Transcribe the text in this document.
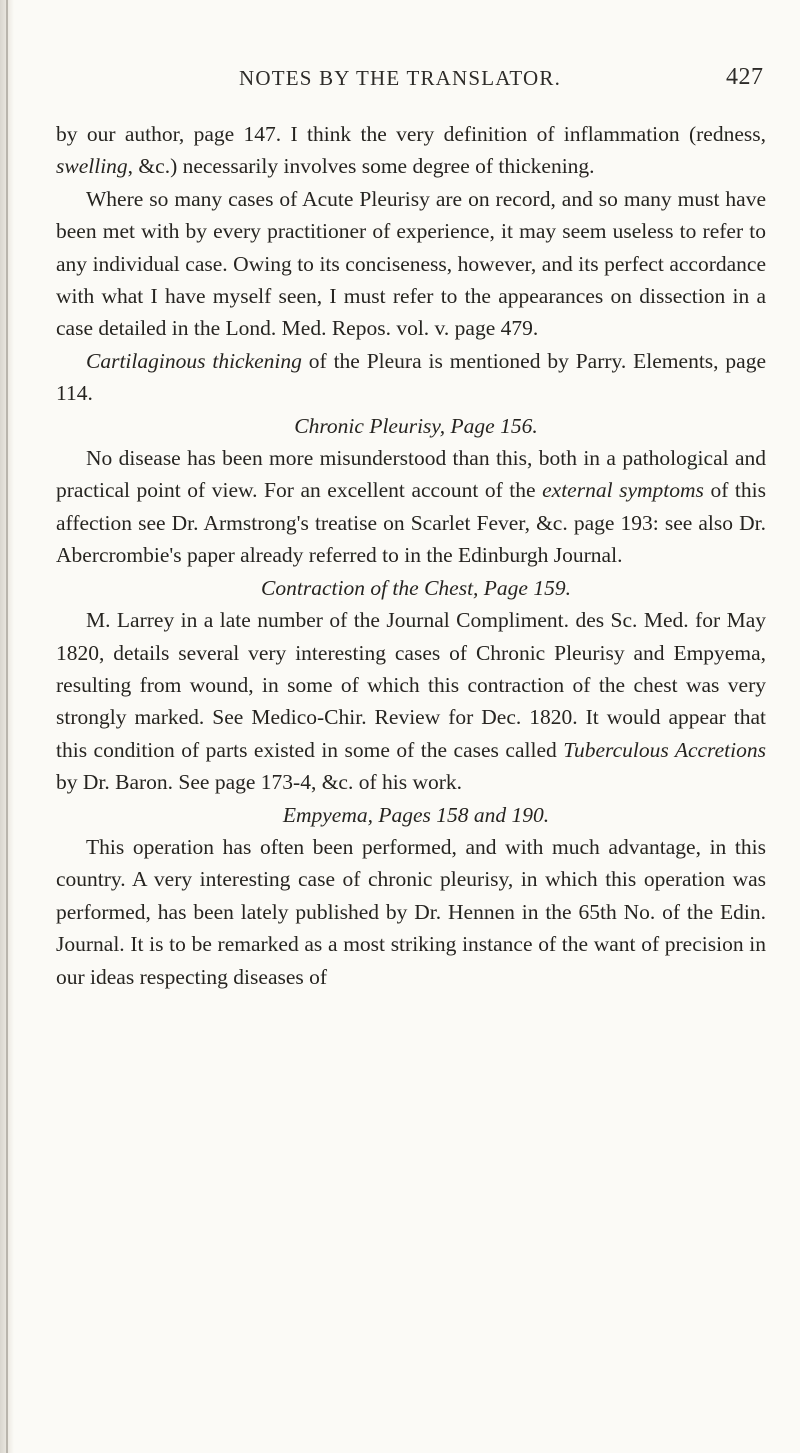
NOTES BY THE TRANSLATOR.	427

by our author, page 147. I think the very definition of inflammation (redness, swelling, &c.) necessarily involves some degree of thickening.

Where so many cases of Acute Pleurisy are on record, and so many must have been met with by every practitioner of experience, it may seem useless to refer to any individual case. Owing to its conciseness, however, and its perfect accordance with what I have myself seen, I must refer to the appearances on dissection in a case detailed in the Lond. Med. Repos. vol. v. page 479.

Cartilaginous thickening of the Pleura is mentioned by Parry. Elements, page 114.

Chronic Pleurisy, Page 156.

No disease has been more misunderstood than this, both in a pathological and practical point of view. For an excellent account of the external symptoms of this affection see Dr. Armstrong's treatise on Scarlet Fever, &c. page 193: see also Dr. Abercrombie's paper already referred to in the Edinburgh Journal.

Contraction of the Chest, Page 159.

M. Larrey in a late number of the Journal Compliment. des Sc. Med. for May 1820, details several very interesting cases of Chronic Pleurisy and Empyema, resulting from wound, in some of which this contraction of the chest was very strongly marked. See Medico-Chir. Review for Dec. 1820. It would appear that this condition of parts existed in some of the cases called Tuberculous Accretions by Dr. Baron. See page 173-4, &c. of his work.

Empyema, Pages 158 and 190.

This operation has often been performed, and with much advantage, in this country. A very interesting case of chronic pleurisy, in which this operation was performed, has been lately published by Dr. Hennen in the 65th No. of the Edin. Journal. It is to be remarked as a most striking instance of the want of precision in our ideas respecting diseases of
